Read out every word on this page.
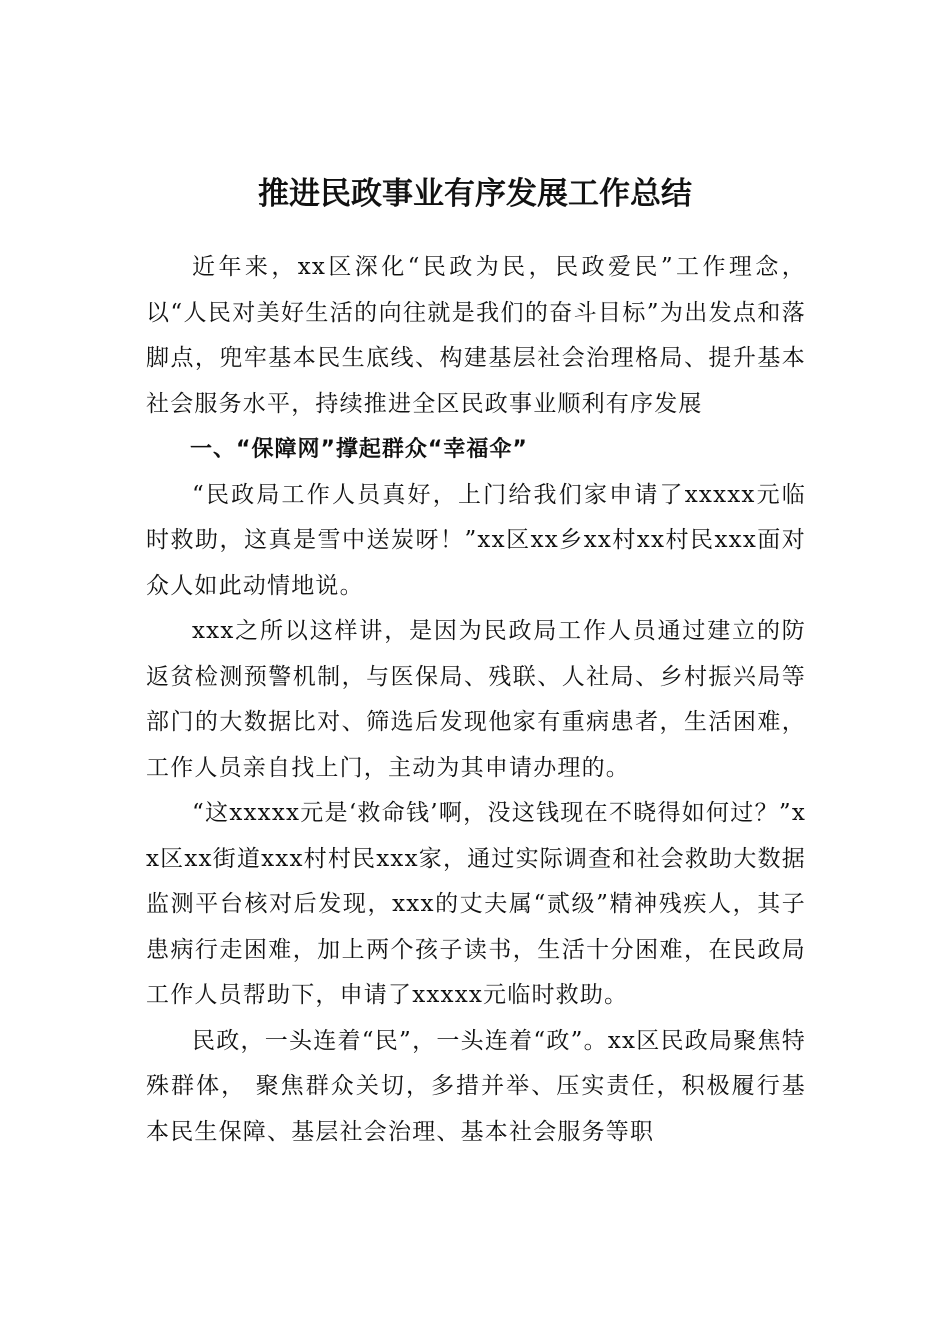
推进民政事业有序发展工作总结

近年来，xx区深化“民政为民，民政爱民”工作理念，以“人民对美好生活的向往就是我们的奋斗目标”为出发点和落脚点，兜牢基本民生底线、构建基层社会治理格局、提升基本社会服务水平，持续推进全区民政事业顺利有序发展

一、“保障网”撑起群众“幸福伞”

“民政局工作人员真好，上门给我们家申请了xxxxx元临时救助，这真是雪中送炭呀！”xx区xx乡xx村xx村民xxx面对众人如此动情地说。

xxx之所以这样讲，是因为民政局工作人员通过建立的防返贫检测预警机制，与医保局、残联、人社局、乡村振兴局等部门的大数据比对、筛选后发现他家有重病患者，生活困难，工作人员亲自找上门，主动为其申请办理的。

“这xxxxx元是‘救命钱’啊，没这钱现在不晓得如何过？”xx区xx街道xxx村村民xxx家，通过实际调查和社会救助大数据监测平台核对后发现，xxx的丈夫属“贰级”精神残疾人，其子患病行走困难，加上两个孩子读书，生活十分困难，在民政局工作人员帮助下，申请了xxxxx元临时救助。

民政，一头连着“民”，一头连着“政”。xx区民政局聚焦特殊群体， 聚焦群众关切，多措并举、压实责任，积极履行基本民生保障、基层社会治理、基本社会服务等职
